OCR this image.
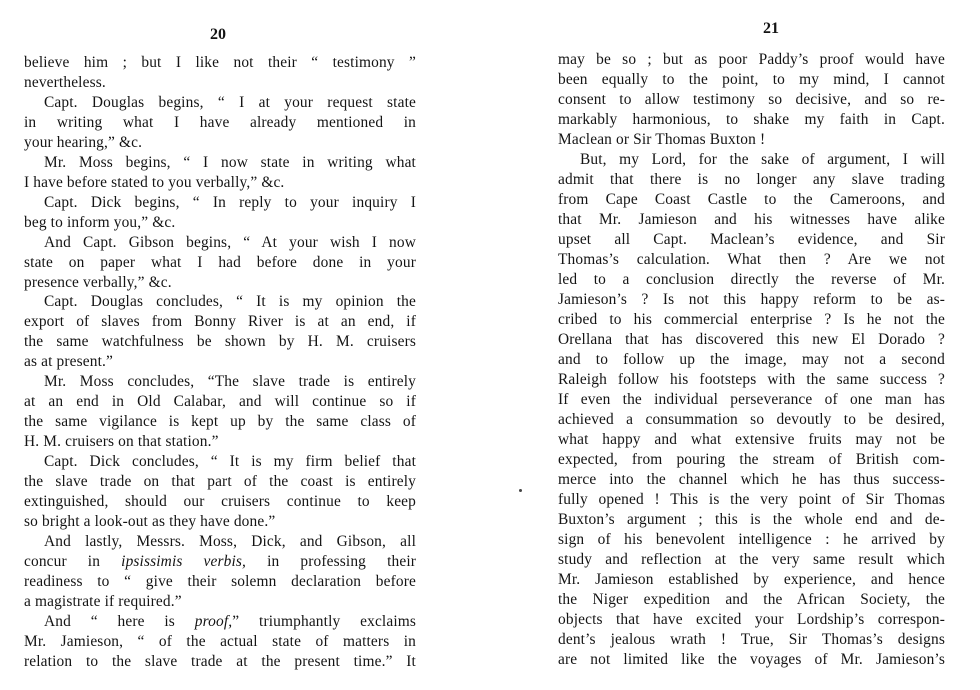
20
believe him ; but I like not their “ testimony ”
nevertheless.
Capt. Douglas begins, “ I at your request state
in writing what I have already mentioned in
your hearing,” &c.
Mr. Moss begins, “ I now state in writing what
I have before stated to you verbally,” &c.
Capt. Dick begins, “ In reply to your inquiry I
beg to inform you,” &c.
And Capt. Gibson begins, “ At your wish I now
state on paper what I had before done in your
presence verbally,” &c.
Capt. Douglas concludes, “ It is my opinion the
export of slaves from Bonny River is at an end, if
the same watchfulness be shown by H. M. cruisers
as at present.”
Mr. Moss concludes, “The slave trade is entirely
at an end in Old Calabar, and will continue so if
the same vigilance is kept up by the same class of
H. M. cruisers on that station.”
Capt. Dick concludes, “ It is my firm belief that
the slave trade on that part of the coast is entirely
extinguished, should our cruisers continue to keep
so bright a look-out as they have done.”
And lastly, Messrs. Moss, Dick, and Gibson, all
concur in ipsissimis verbis, in professing their
readiness to “ give their solemn declaration before
a magistrate if required.”
And “ here is proof,” triumphantly exclaims
Mr. Jamieson, “ of the actual state of matters in
relation to the slave trade at the present time.” It
21
may be so ; but as poor Paddy’s proof would have
been equally to the point, to my mind, I cannot
consent to allow testimony so decisive, and so re-
markably harmonious, to shake my faith in Capt.
Maclean or Sir Thomas Buxton !
But, my Lord, for the sake of argument, I will
admit that there is no longer any slave trading
from Cape Coast Castle to the Cameroons, and
that Mr. Jamieson and his witnesses have alike
upset all Capt. Maclean’s evidence, and Sir
Thomas’s calculation. What then ? Are we not
led to a conclusion directly the reverse of Mr.
Jamieson’s ? Is not this happy reform to be as-
cribed to his commercial enterprise ? Is he not the
Orellana that has discovered this new El Dorado ?
and to follow up the image, may not a second
Raleigh follow his footsteps with the same success ?
If even the individual perseverance of one man has
achieved a consummation so devoutly to be desired,
what happy and what extensive fruits may not be
expected, from pouring the stream of British com-
merce into the channel which he has thus success-
fully opened ! This is the very point of Sir Thomas
Buxton’s argument ; this is the whole end and de-
sign of his benevolent intelligence : he arrived by
study and reflection at the very same result which
Mr. Jamieson established by experience, and hence
the Niger expedition and the African Society, the
objects that have excited your Lordship’s correspon-
dent’s jealous wrath ! True, Sir Thomas’s designs
are not limited like the voyages of Mr. Jamieson’s
